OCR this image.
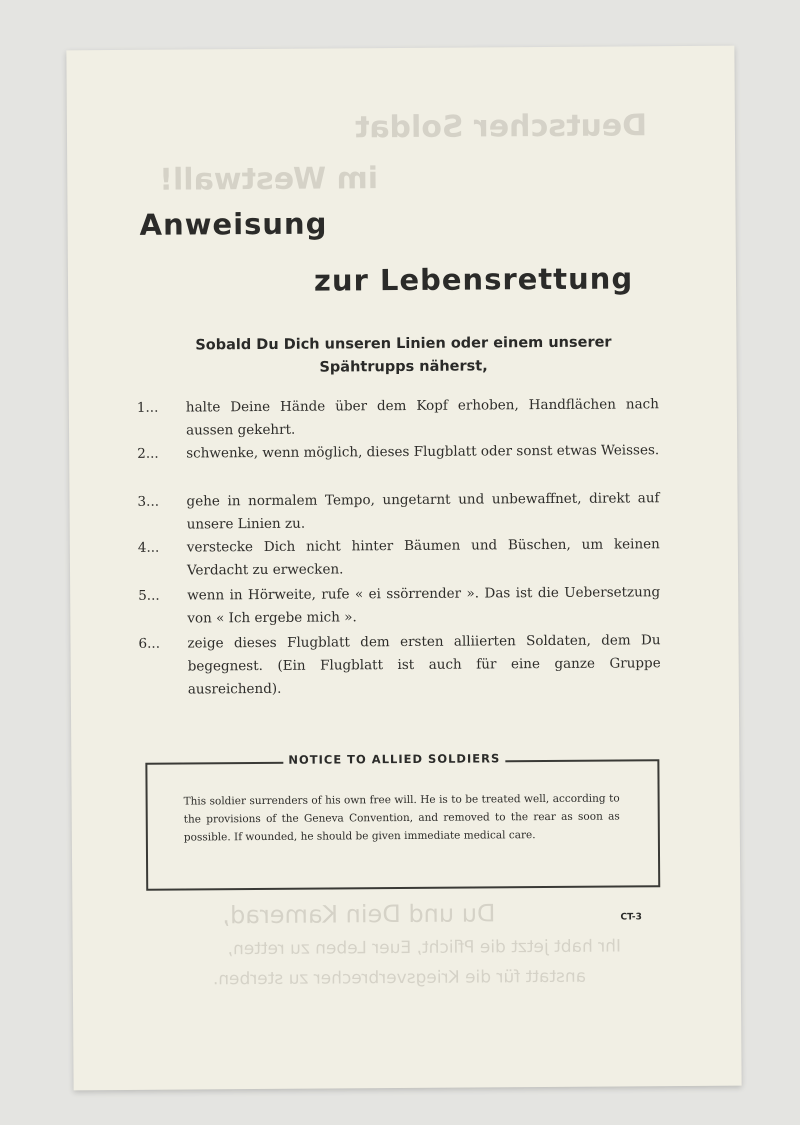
Deutscher Soldat
im Westwall!
Du und Dein Kamerad,
Ihr habt jetzt die Pflicht, Euer Leben zu retten,
anstatt für die Kriegsverbrecher zu sterben.
Anweisung
zur Lebensrettung
Sobald Du Dich unseren Linien oder einem unserer Spähtrupps näherst,
1...	halte Deine Hände über dem Kopf erhoben, Handflächen nach aussen gekehrt.
2...	schwenke, wenn möglich, dieses Flugblatt oder sonst etwas Weisses.
3...	gehe in normalem Tempo, ungetarnt und unbewaffnet, direkt auf unsere Linien zu.
4...	verstecke Dich nicht hinter Bäumen und Büschen, um keinen Verdacht zu erwecken.
5...	wenn in Hörweite, rufe « ei ssörrender ». Das ist die Uebersetzung von « Ich ergebe mich ».
6...	zeige dieses Flugblatt dem ersten alliierten Soldaten, dem Du begegnest. (Ein Flugblatt ist auch für eine ganze Gruppe ausreichend).
NOTICE TO ALLIED SOLDIERS
This soldier surrenders of his own free will. He is to be treated well, according to the provisions of the Geneva Convention, and removed to the rear as soon as possible. If wounded, he should be given immediate medical care.
CT-3
